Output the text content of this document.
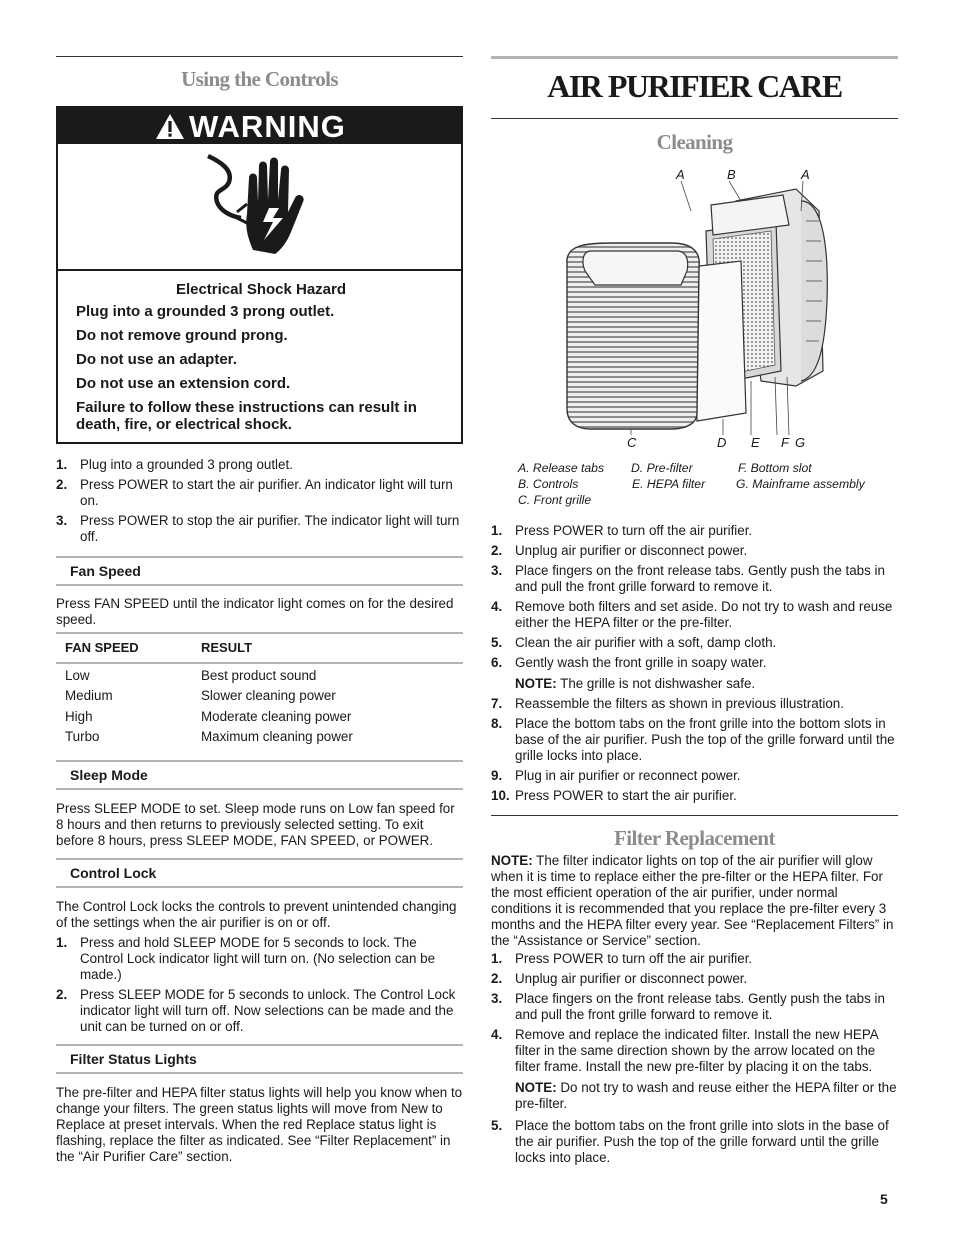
Using the Controls
WARNING
Electrical Shock Hazard
Plug into a grounded 3 prong outlet.
Do not remove ground prong.
Do not use an adapter.
Do not use an extension cord.
Failure to follow these instructions can result in death, fire, or electrical shock.
1. Plug into a grounded 3 prong outlet.
2. Press POWER to start the air purifier. An indicator light will turn on.
3. Press POWER to stop the air purifier. The indicator light will turn off.
Fan Speed

Press FAN SPEED until the indicator light comes on for the desired speed.

FAN SPEED	RESULT
Low	Best product sound
Medium	Slower cleaning power
High	Moderate cleaning power
Turbo	Maximum cleaning power
Sleep Mode

Press SLEEP MODE to set. Sleep mode runs on Low fan speed for 8 hours and then returns to previously selected setting. To exit before 8 hours, press SLEEP MODE, FAN SPEED, or POWER.

Control Lock

The Control Lock locks the controls to prevent unintended changing of the settings when the air purifier is on or off.

1. Press and hold SLEEP MODE for 5 seconds to lock. The Control Lock indicator light will turn on. (No selection can be made.)
2. Press SLEEP MODE for 5 seconds to unlock. The Control Lock indicator light will turn off. Now selections can be made and the unit can be turned on or off.
Filter Status Lights

The pre-filter and HEPA filter status lights will help you know when to change your filters. The green status lights will move from New to Replace at preset intervals. When the red Replace status light is flashing, replace the filter as indicated. See “Filter Replacement” in the “Air Purifier Care” section.

AIR PURIFIER CARE
Cleaning
A	B	A
C	D E F G
A. Release tabs
B. Controls
C. Front grille
D. Pre-filter
E. HEPA filter
F. Bottom slot
G. Mainframe assembly
1. Press POWER to turn off the air purifier.
2. Unplug air purifier or disconnect power.
3. Place fingers on the front release tabs. Gently push the tabs in and pull the front grille forward to remove it.
4. Remove both filters and set aside. Do not try to wash and reuse either the HEPA filter or the pre-filter.
5. Clean the air purifier with a soft, damp cloth.
6. Gently wash the front grille in soapy water.
NOTE: The grille is not dishwasher safe.
7. Reassemble the filters as shown in previous illustration.
8. Place the bottom tabs on the front grille into the bottom slots in base of the air purifier. Push the top of the grille forward until the grille locks into place.
9. Plug in air purifier or reconnect power.
10. Press POWER to start the air purifier.
Filter Replacement

NOTE: The filter indicator lights on top of the air purifier will glow when it is time to replace either the pre-filter or the HEPA filter. For the most efficient operation of the air purifier, under normal conditions it is recommended that you replace the pre-filter every 3 months and the HEPA filter every year. See “Replacement Filters” in the “Assistance or Service” section.

1. Press POWER to turn off the air purifier.
2. Unplug air purifier or disconnect power.
3. Place fingers on the front release tabs. Gently push the tabs in and pull the front grille forward to remove it.
4. Remove and replace the indicated filter. Install the new HEPA filter in the same direction shown by the arrow located on the filter frame. Install the new pre-filter by placing it on the tabs.
NOTE: Do not try to wash and reuse either the HEPA filter or the pre-filter.
5. Place the bottom tabs on the front grille into slots in the base of the air purifier. Push the top of the grille forward until the grille locks into place.
5
